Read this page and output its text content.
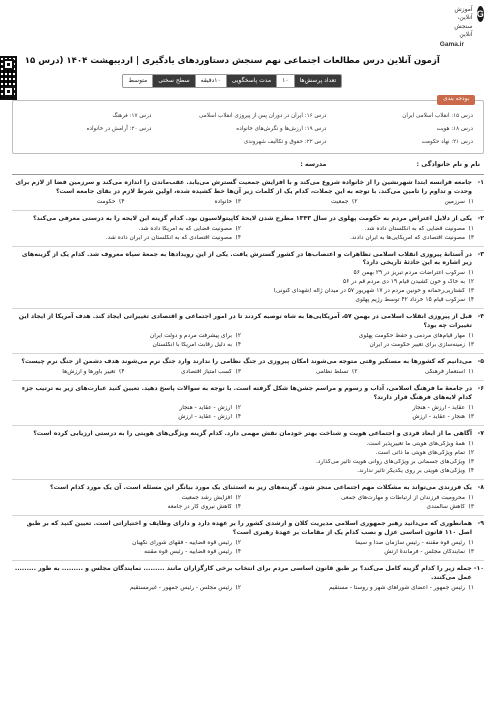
G
آموزش آنلاین، سنجش آنلاین
Gama.ir
آزمون آنلاین درس مطالعات اجتماعی نهم سنجش دستاوردهای یادگیری | اردیبهشت ۱۴۰۴ (درس ۱۵
تعداد پرسش‌ها
۱۰
مدت پاسخگویی
۱۰دقیقه
سطح سختی
متوسط
بودجه بندی
درس ۱۵: انقلاب اسلامی ایران
درس ۱۶: ایران در دوران پس از پیروزی انقلاب اسلامی
درس ۱۷: فرهنگ
درس ۱۸: هویت
درس ۱۹: ارزش‌ها و نگرش‌های خانواده
درس ۲۰: آرامش در خانواده
درس ۲۱: نهاد حکومت
درس ۲۲: حقوق و تکالیف شهروندی
نام و نام خانوادگی :
مدرسه :
۱-
جامعه فرانسه ابتدا شهرنشین را از خانواده شروع می‌کند و با افزایش جمعیت گسترش می‌یابد. عقب‌ماندن را اندازه می‌کند و سرزمین فضا از لازم برای وحدت و تداوم را تامین می‌کند. با توجه به این جملات، کدام یک از کلمات زیر آن‌ها خط کشیده شده، اولین شرط لازم در بقای جامعه است؟
۱)
سرزمین
۲)
جمعیت
۳)
خانواده
۴)
حکومت
۲-
یکی از دلایل اعتراض مردم به حکومت پهلوی در سال ۱۳۴۳ مطرح شدن لایحهٔ کاپیتولاسیون بود. کدام گزینه این لایحه را به درستی معرفی می‌کند؟
۱)
مصونیت قضایی که به انگلستان داده شد.
۲)
مصونیت قضایی که به آمریکا داده شد.
۳)
مصونیت اقتصادی که آمریکایی‌ها به ایران دادند.
۴)
مصونیت اقتصادی که به انگلستان در ایران داده شد.
۳-
در آستانهٔ پیروزی انقلاب اسلامی تظاهرات و اعتصاب‌ها در کشور گسترش یافت. یکی از این رویدادها به جمعهٔ سیاه معروف شد. کدام یک از گزینه‌های زیر اشاره به این حادثهٔ تاریخی دارد؟
۱)
سرکوب اعتراضات مردم تبریز در ۲۹ بهمن ۵۶
۲)
به خاک و خون کشیدن قیام ۱۹ دی مردم قم در ۵۶
۳)
کشتاربی‌رحمانه و خونین مردم در ۱۷ شهریور ۵۷ در میدان ژاله (شهدای کنونی)
۴)
سرکوب قیام ۱۵ خرداد ۴۲ توسط رژیم پهلوی
۴-
قبل از پیروزی انقلاب اسلامی در بهمن ۵۷، آمریکایی‌ها به شاه توصیه کردند تا در امور اجتماعی و اقتصادی تغییراتی ایجاد کند. هدف آمریکا از ایجاد این تغییرات چه بود؟
۱)
مهار قیام‌های مردمی و حفظ حکومت پهلوی
۲)
برای پیشرفت مردم و دولت ایران
۳)
زمینه‌سازی برای تغییر حکومت در ایران
۴)
به دلیل رقابت آمریکا با انگلستان
۵-
می‌دانیم که کشورها به مستکبر وقتی متوجه می‌شوند امکان پیروزی در جنگ نظامی را ندارند وارد جنگ نرم می‌شوند هدف دشمن از جنگ نرم چیست؟
۱)
استعمار فرهنگی
۲)
تسلط نظامی
۳)
کسب امتیاز اقتصادی
۴)
تغییر باورها و ارزش‌ها
۶-
در جامعهٔ ما فرهنگ اسلامی، آداب و رسوم و مراسم جشن‌ها شکل گرفته است. با توجه به سوالات پاسخ دهید. تعیین کنید عبارت‌های زیر به ترتیب جزء کدام لایه‌های فرهنگ قرار دارند؟
۱)
عقاید - ارزش - هنجار
۲)
ارزش - عقاید - هنجار
۳)
هنجار - عقاید - ارزش
۴)
ارزش - عقاید - ارزش
۷-
آگاهی ما از ابعاد فردی و اجتماعی هویت و شناخت بهتر خودمان نقش مهمی دارد. کدام گزینه ویژگی‌های هویتی را به درستی ارزیابی کرده است؟
۱)
همهٔ ویژگی‌های هویتی ما تغییرپذیر است.
۲)
تمام ویژگی‌های هویتی ما ذاتی است.
۳)
ویژگی‌های جسمانی بر ویژگی‌های روانی هویت تاثیر می‌گذارد.
۴)
ویژگی‌های هویتی بر روی یکدیگر تاثیر ندارند.
۸-
یک فرزندی می‌تواند به مشکلات مهم اجتماعی منجر شود. گزینه‌های زیر به استثنای یک مورد بیانگر این مسئله است. آن یک مورد کدام است؟
۱)
محرومیت فرزندان از ارتباطات و مهارت‌های جمعی
۲)
افزایش رشد جمعیت
۳)
کاهش سالمندی
۴)
کاهش نیروی کار در جامعه
۹-
همانطوری که می‌دانید رهبر جمهوری اسلامی مدیریت کلان و ارشدی کشور را بر عهده دارد و دارای وظایف و اختیاراتی است. تعیین کنید که بر طبق اصل ۱۱۰ قانون اساسی عزل و نصب کدام یک از مقامات بر عهدهٔ رهبری است؟
۱)
رئیس قوه مقننه - رئیس سازمان صدا و سیما
۲)
رئیس قوه قضاییه - فقهای شورای نگهبان
۳)
نمایندگان مجلس - فرماندهٔ ارتش
۴)
رئیس قوه قضاییه - رئیس قوه مقننه
۱۰-
جمله زیر را کدام گزینه کامل می‌کند؟ بر طبق قانون اساسی مردم برای انتخاب برخی کارگزاران مانند ......... نمایندگان مجلس و ......... به طور ......... عمل می‌کنند.
۱)
رئیس جمهور - اعضای شوراهای شهر و روستا - مستقیم
۲)
رئیس مجلس - رئیس جمهور - غیرمستقیم
